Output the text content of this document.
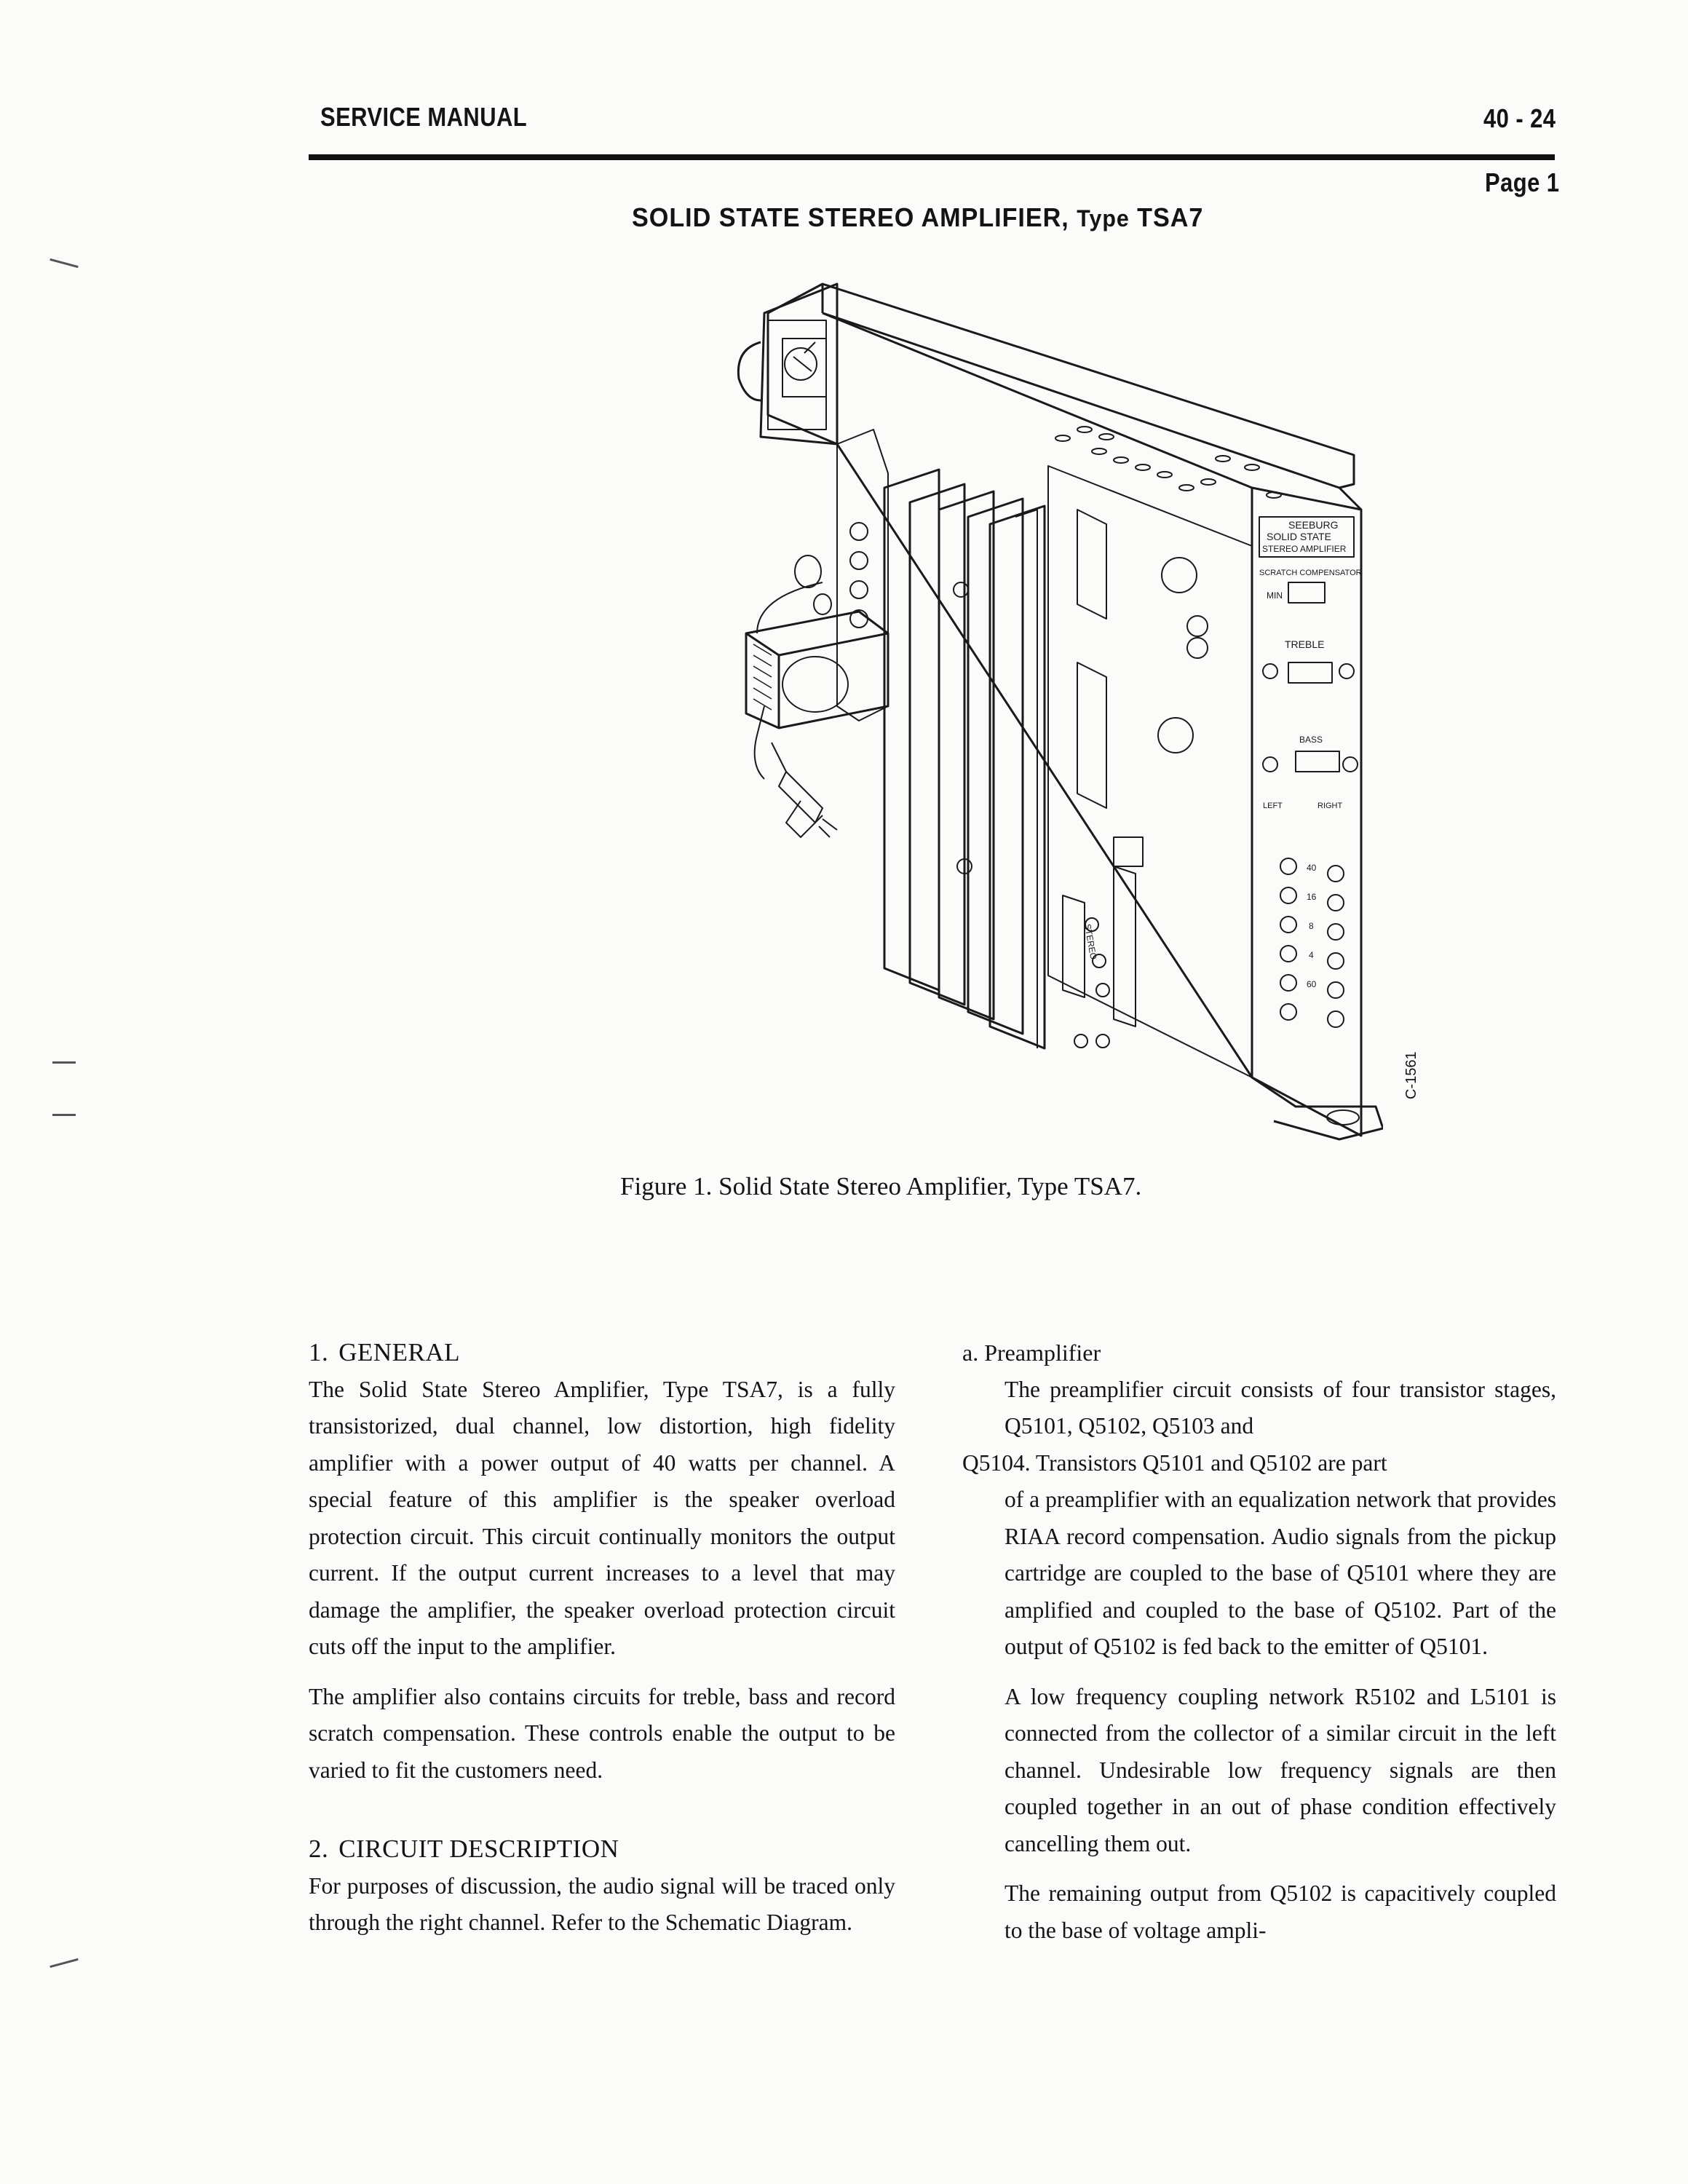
SERVICE MANUAL	40 - 24
Page 1
SOLID STATE STEREO AMPLIFIER, Type TSA7
SEEBURG
SOLID STATE
STEREO AMPLIFIER
SCRATCH COMPENSATOR
MIN
TREBLE
BASS
LEFT	RIGHT
40
16
8
4
60
STEREO
C-1561
Figure 1. Solid State Stereo Amplifier, Type TSA7.
1. GENERAL

The Solid State Stereo Amplifier, Type TSA7, is a fully transistorized, dual channel, low distortion, high fidelity amplifier with a power output of 40 watts per channel. A special feature of this amplifier is the speaker overload protection circuit. This circuit continually monitors the output current. If the output current increases to a level that may damage the amplifier, the speaker overload protection circuit cuts off the input to the amplifier.

The amplifier also contains circuits for treble, bass and record scratch compensation. These controls enable the output to be varied to fit the customers need.

2. CIRCUIT DESCRIPTION

For purposes of discussion, the audio signal will be traced only through the right channel. Refer to the Schematic Diagram.

a. Preamplifier

The preamplifier circuit consists of four transistor stages, Q5101, Q5102, Q5103 and

Q5104. Transistors Q5101 and Q5102 are part

of a preamplifier with an equalization network that provides RIAA record compensation. Audio signals from the pickup cartridge are coupled to the base of Q5101 where they are amplified and coupled to the base of Q5102. Part of the output of Q5102 is fed back to the emitter of Q5101.

A low frequency coupling network R5102 and L5101 is connected from the collector of a similar circuit in the left channel. Undesirable low frequency signals are then coupled together in an out of phase condition effectively cancelling them out.

The remaining output from Q5102 is capacitively coupled to the base of voltage ampli-
